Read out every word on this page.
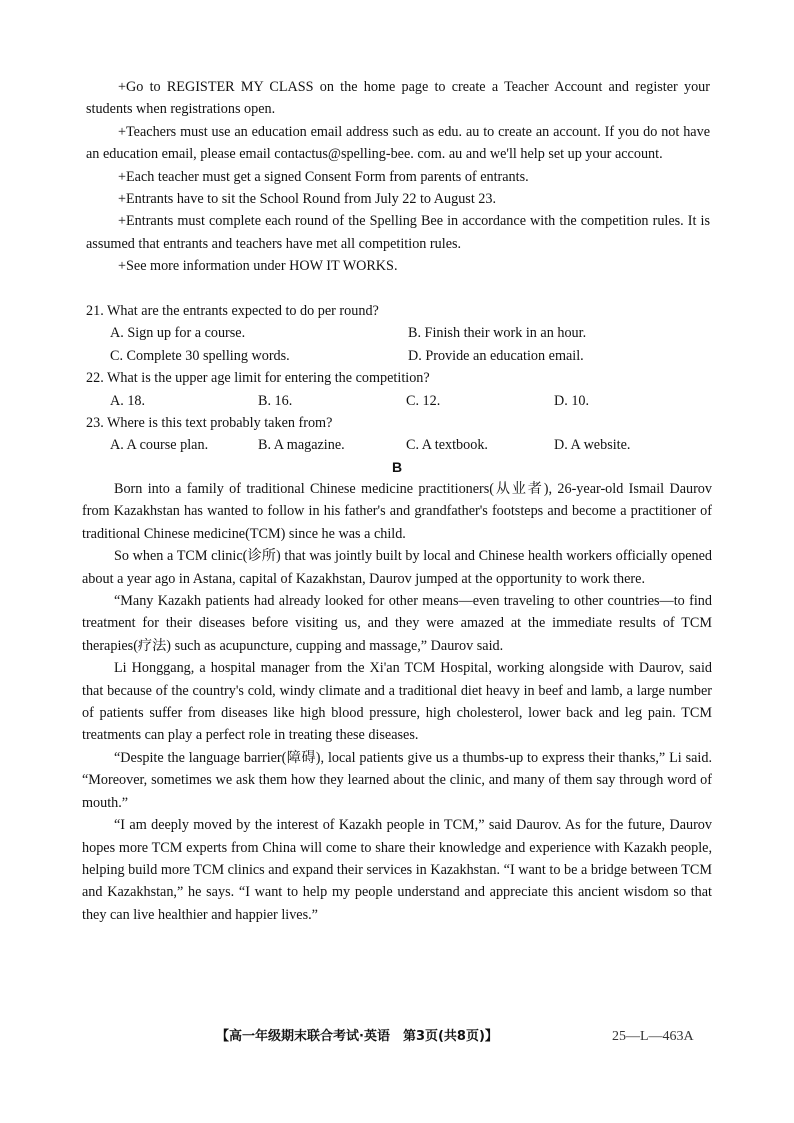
+Go to REGISTER MY CLASS on the home page to create a Teacher Account and register your students when registrations open.

+Teachers must use an education email address such as edu. au to create an account. If you do not have an education email, please email contactus@spelling-bee. com. au and we'll help set up your account.

+Each teacher must get a signed Consent Form from parents of entrants.

+Entrants have to sit the School Round from July 22 to August 23.

+Entrants must complete each round of the Spelling Bee in accordance with the competition rules. It is assumed that entrants and teachers have met all competition rules.

+See more information under HOW IT WORKS.

21. What are the entrants expected to do per round?

A. Sign up for a course.	B. Finish their work in an hour.

C. Complete 30 spelling words.	D. Provide an education email.

22. What is the upper age limit for entering the competition?

A. 18.	B. 16.	C. 12.	D. 10.

23. Where is this text probably taken from?

A. A course plan.	B. A magazine.	C. A textbook.	D. A website.

B

Born into a family of traditional Chinese medicine practitioners(从业者), 26-year-old Ismail Daurov from Kazakhstan has wanted to follow in his father's and grandfather's footsteps and become a practitioner of traditional Chinese medicine(TCM) since he was a child.

So when a TCM clinic(诊所) that was jointly built by local and Chinese health workers officially opened about a year ago in Astana, capital of Kazakhstan, Daurov jumped at the opportunity to work there.

“Many Kazakh patients had already looked for other means—even traveling to other countries—to find treatment for their diseases before visiting us, and they were amazed at the immediate results of TCM therapies(疗法) such as acupuncture, cupping and massage,” Daurov said.

Li Honggang, a hospital manager from the Xi'an TCM Hospital, working alongside with Daurov, said that because of the country's cold, windy climate and a traditional diet heavy in beef and lamb, a large number of patients suffer from diseases like high blood pressure, high cholesterol, lower back and leg pain. TCM treatments can play a perfect role in treating these diseases.

“Despite the language barrier(障碍), local patients give us a thumbs-up to express their thanks,” Li said. “Moreover, sometimes we ask them how they learned about the clinic, and many of them say through word of mouth.”

“I am deeply moved by the interest of Kazakh people in TCM,” said Daurov. As for the future, Daurov hopes more TCM experts from China will come to share their knowledge and experience with Kazakh people, helping build more TCM clinics and expand their services in Kazakhstan. “I want to be a bridge between TCM and Kazakhstan,” he says. “I want to help my people understand and appreciate this ancient wisdom so that they can live healthier and happier lives.”

【高一年级期末联合考试·英语　第3页(共8页)】	25—L—463A
